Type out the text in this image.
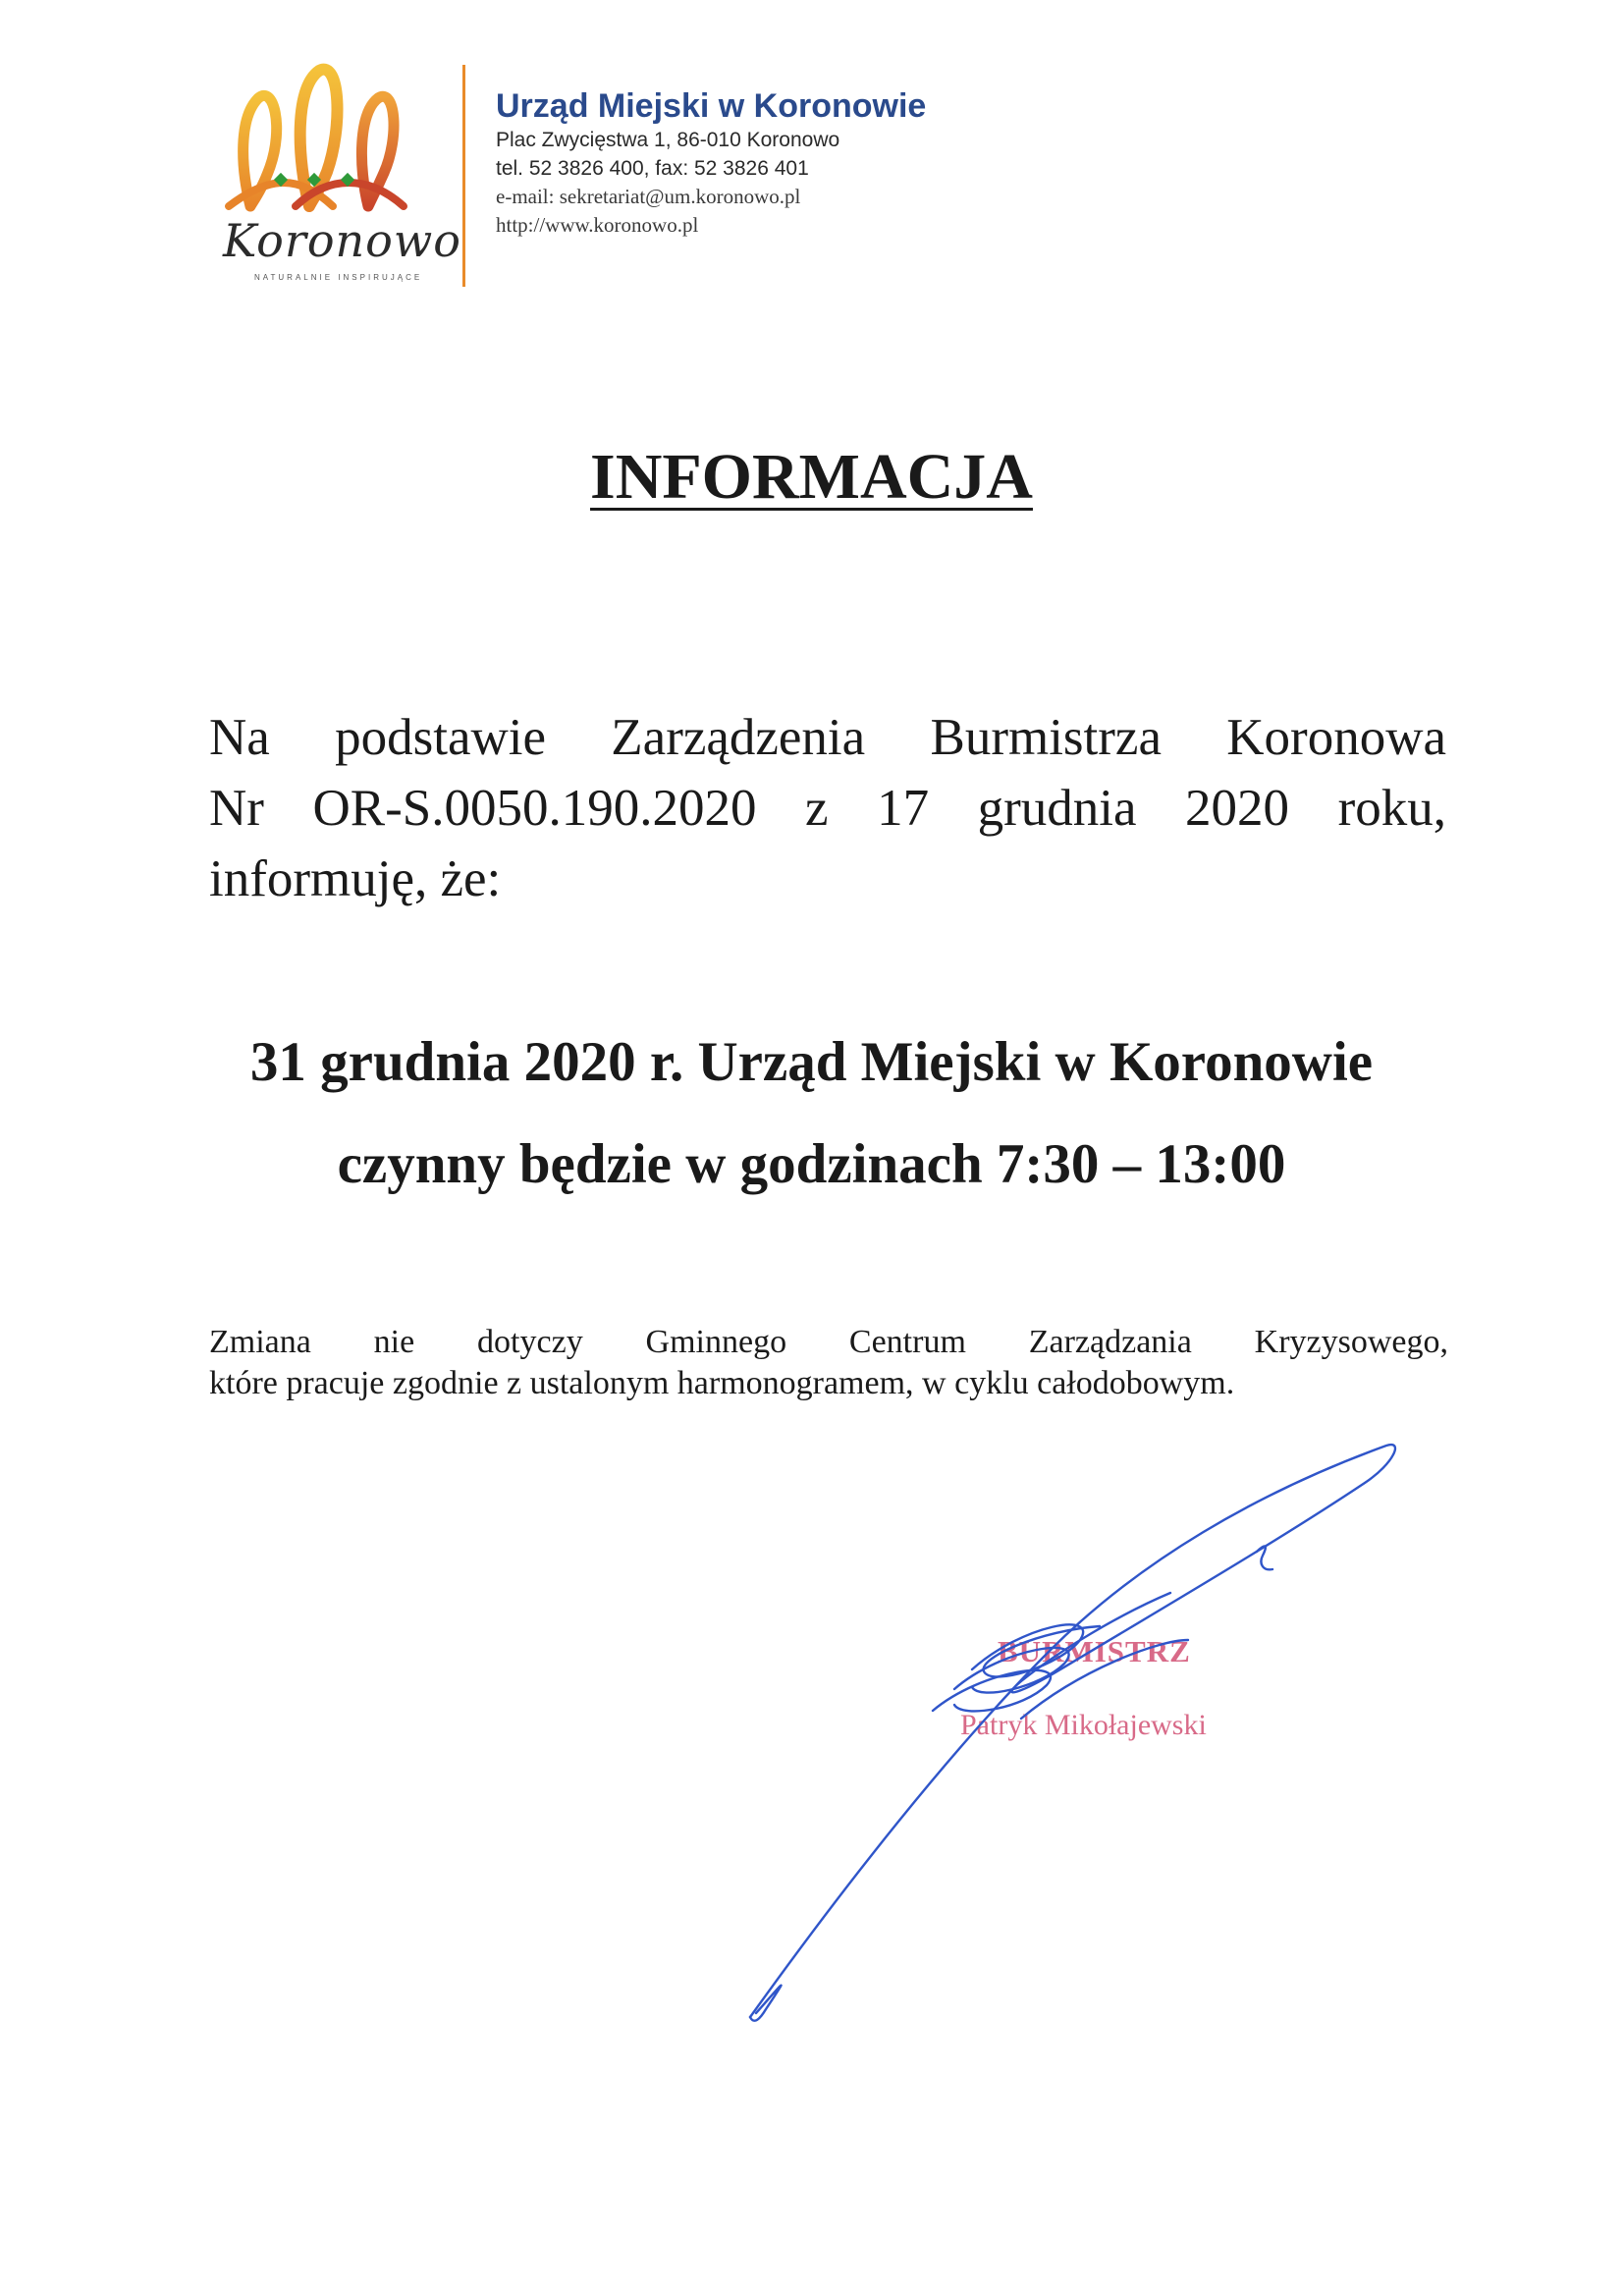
Koronowo
NATURALNIE INSPIRUJĄCE
Urząd Miejski w Koronowie
Plac Zwycięstwa 1, 86-010 Koronowo
tel. 52 3826 400, fax: 52 3826 401
e-mail: sekretariat@um.koronowo.pl
http://www.koronowo.pl
INFORMACJA
Na podstawie Zarządzenia Burmistrza Koronowa
Nr OR-S.0050.190.2020 z 17 grudnia 2020 roku,
informuję, że:
31 grudnia 2020 r. Urząd Miejski w Koronowie
czynny będzie w godzinach 7:30 – 13:00
Zmiana nie dotyczy Gminnego Centrum Zarządzania Kryzysowego,
które pracuje zgodnie z ustalonym harmonogramem, w cyklu całodobowym.
BURMISTRZ
Patryk Mikołajewski
